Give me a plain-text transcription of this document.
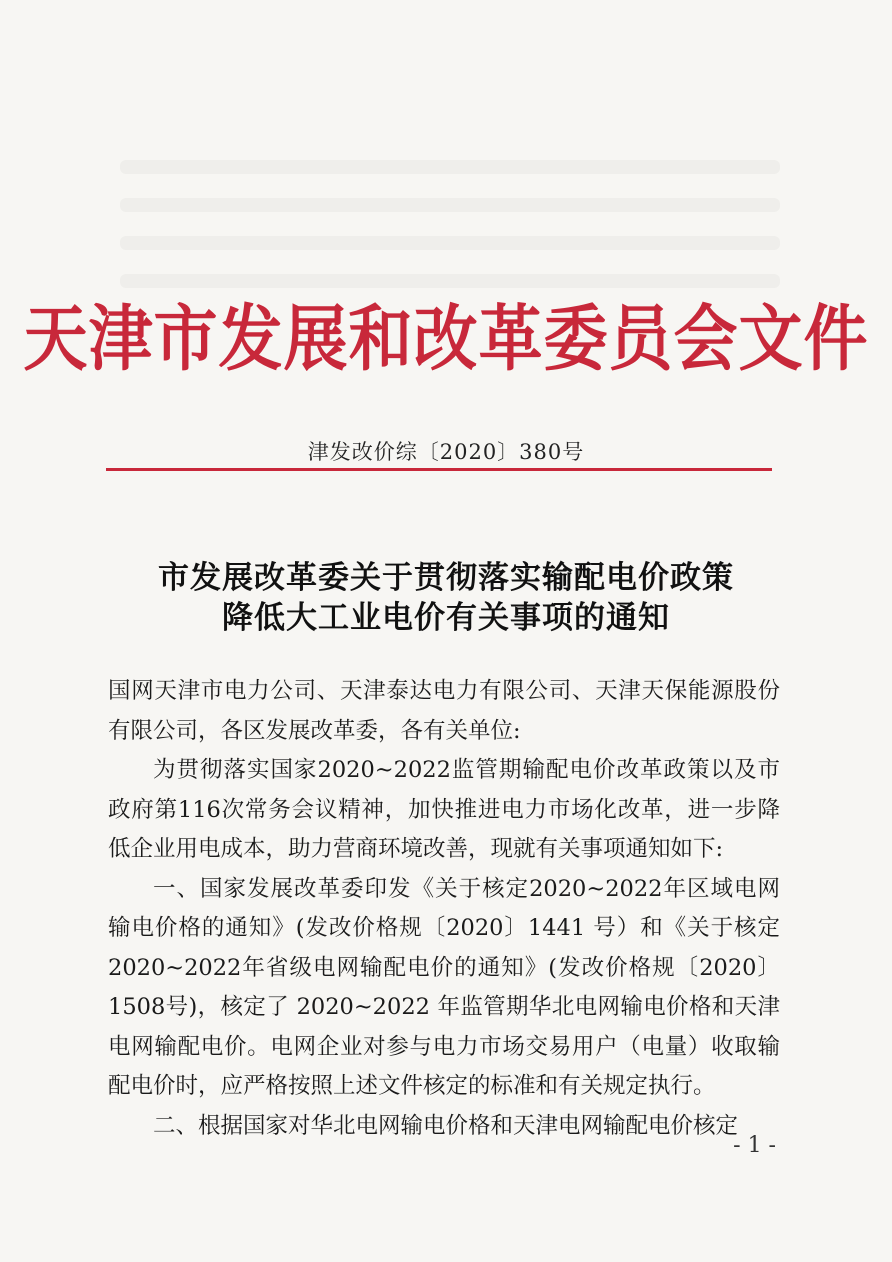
天津市发展和改革委员会文件
津发改价综〔2020〕380号
市发展改革委关于贯彻落实输配电价政策
降低大工业电价有关事项的通知

国网天津市电力公司、天津泰达电力有限公司、天津天保能源股份有限公司，各区发展改革委，各有关单位:

为贯彻落实国家2020~2022监管期输配电价改革政策以及市政府第116次常务会议精神，加快推进电力市场化改革，进一步降低企业用电成本，助力营商环境改善，现就有关事项通知如下:

一、国家发展改革委印发《关于核定2020~2022年区域电网输电价格的通知》(发改价格规〔2020〕1441 号）和《关于核定2020~2022年省级电网输配电价的通知》(发改价格规〔2020〕1508号)，核定了 2020~2022 年监管期华北电网输电价格和天津电网输配电价。电网企业对参与电力市场交易用户（电量）收取输配电价时，应严格按照上述文件核定的标准和有关规定执行。

二、根据国家对华北电网输电价格和天津电网输配电价核定

- 1 -
